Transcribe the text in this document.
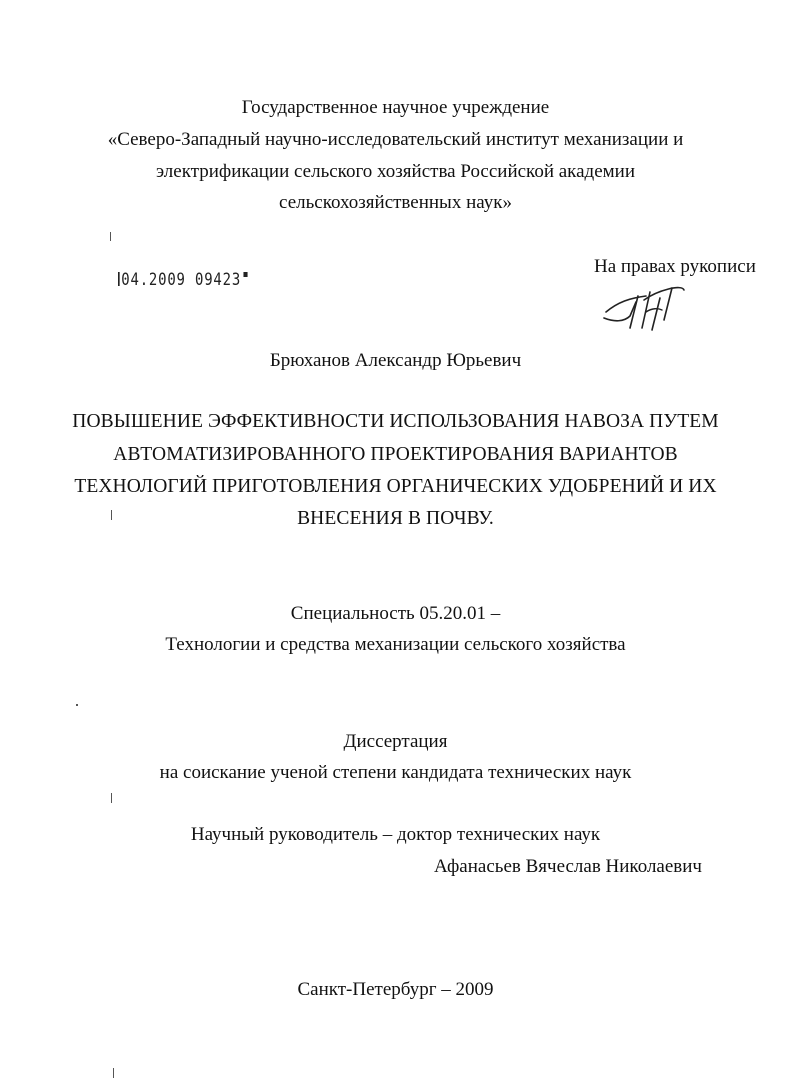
Государственное научное учреждение
«Северо-Западный научно-исследовательский институт механизации и
электрификации сельского хозяйства Российской академии
сельскохозяйственных наук»
04.2009 09423
На правах рукописи
Брюханов Александр Юрьевич
ПОВЫШЕНИЕ ЭФФЕКТИВНОСТИ ИСПОЛЬЗОВАНИЯ НАВОЗА ПУТЕМ
АВТОМАТИЗИРОВАННОГО ПРОЕКТИРОВАНИЯ ВАРИАНТОВ
ТЕХНОЛОГИЙ ПРИГОТОВЛЕНИЯ ОРГАНИЧЕСКИХ УДОБРЕНИЙ И ИХ
ВНЕСЕНИЯ В ПОЧВУ.
Специальность 05.20.01 –
Технологии и средства механизации сельского хозяйства
Диссертация
на соискание ученой степени кандидата технических наук
Научный руководитель – доктор технических наук
Афанасьев Вячеслав Николаевич
Санкт-Петербург – 2009
